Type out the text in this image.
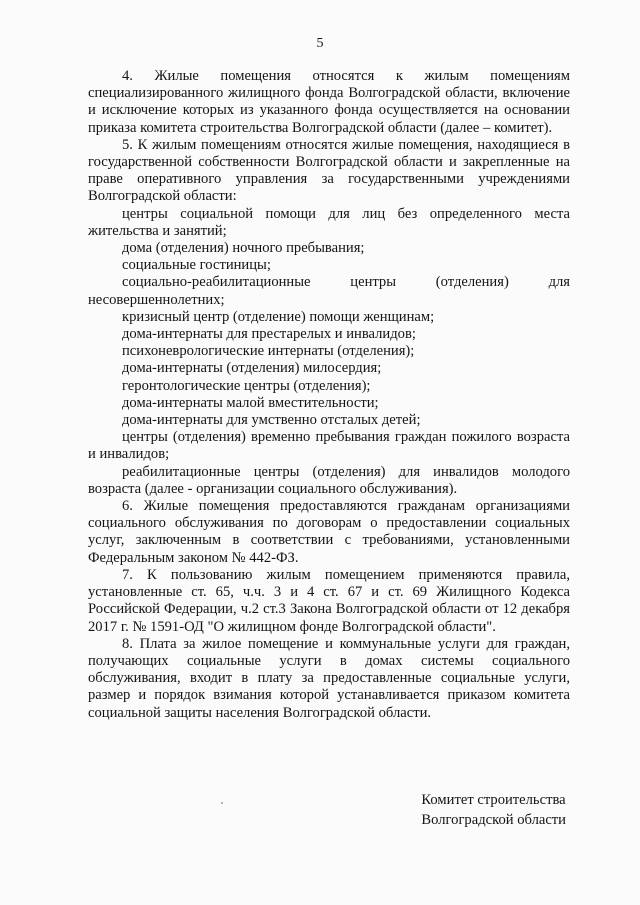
5

4. Жилые помещения относятся к жилым помещениям специализированного жилищного фонда Волгоградской области, включение и исключение которых из указанного фонда осуществляется на основании приказа комитета строительства Волгоградской области (далее – комитет).

5. К жилым помещениям относятся жилые помещения, находящиеся в государственной собственности Волгоградской области и закрепленные на праве оперативного управления за государственными учреждениями Волгоградской области:

центры социальной помощи для лиц без определенного места жительства и занятий;

дома (отделения) ночного пребывания;

социальные гостиницы;

социально-реабилитационные центры (отделения) для несовершеннолетних;

кризисный центр (отделение) помощи женщинам;

дома-интернаты для престарелых и инвалидов;

психоневрологические интернаты (отделения);

дома-интернаты (отделения) милосердия;

геронтологические центры (отделения);

дома-интернаты малой вместительности;

дома-интернаты для умственно отсталых детей;

центры (отделения) временно пребывания граждан пожилого возраста и инвалидов;

реабилитационные центры (отделения) для инвалидов молодого возраста (далее - организации социального обслуживания).

6. Жилые помещения предоставляются гражданам организациями социального обслуживания по договорам о предоставлении социальных услуг, заключенным в соответствии с требованиями, установленными Федеральным законом № 442-ФЗ.

7. К пользованию жилым помещением применяются правила, установленные ст. 65, ч.ч. 3 и 4 ст. 67 и ст. 69 Жилищного Кодекса Российской Федерации, ч.2 ст.3 Закона Волгоградской области от 12 декабря 2017 г. № 1591-ОД "О жилищном фонде Волгоградской области".

8. Плата за жилое помещение и коммунальные услуги для граждан, получающих социальные услуги в домах системы социального обслуживания, входит в плату за предоставленные социальные услуги, размер и порядок взимания которой устанавливается приказом комитета социальной защиты населения Волгоградской области.

Комитет строительства
Волгоградской области
